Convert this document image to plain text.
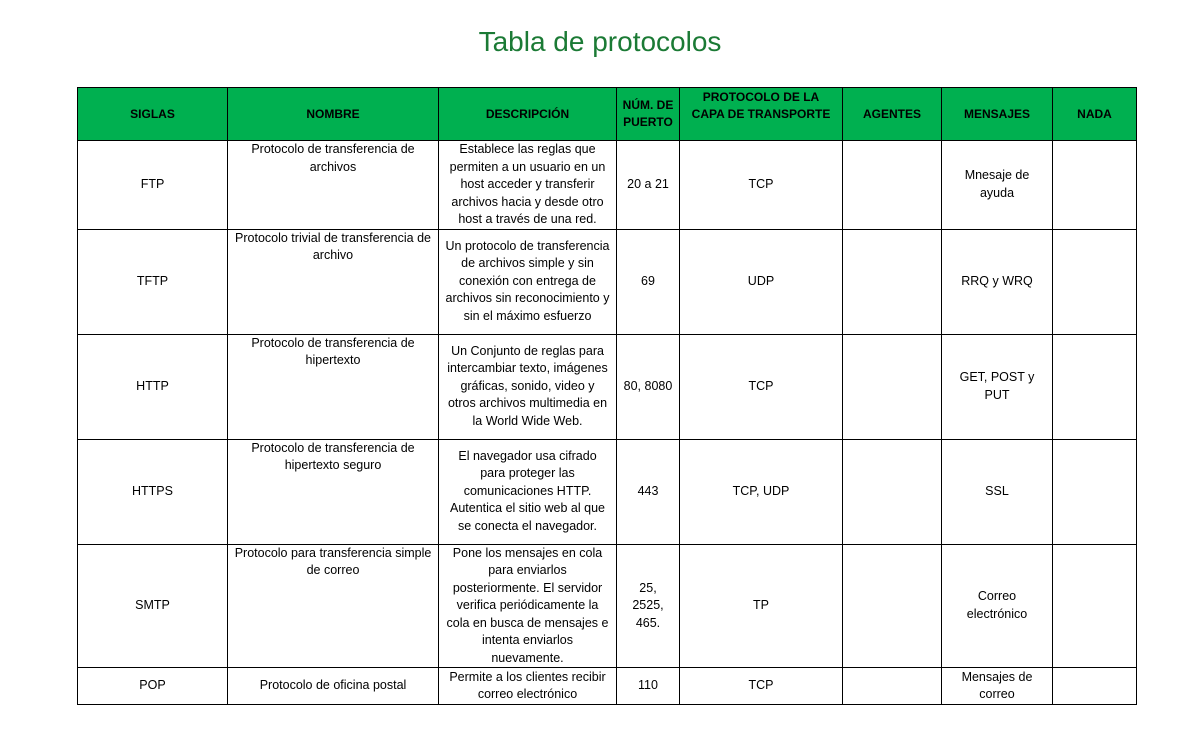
Tabla de protocolos
SIGLAS	NOMBRE	DESCRIPCIÓN	NÚM. DE PUERTO	PROTOCOLO DE LA CAPA DE TRANSPORTE	AGENTES	MENSAJES	NADA
FTP	Protocolo de transferencia de archivos	Establece las reglas que permiten a un usuario en un host acceder y transferir archivos hacia y desde otro host a través de una red.	20 a 21	TCP		Mnesaje de ayuda	
TFTP	Protocolo trivial de transferencia de archivo	Un protocolo de transferencia de archivos simple y sin conexión con entrega de archivos sin reconocimiento y sin el máximo esfuerzo	69	UDP		RRQ y WRQ	
HTTP	Protocolo de transferencia de hipertexto	Un Conjunto de reglas para intercambiar texto, imágenes gráficas, sonido, video y otros archivos multimedia en la World Wide Web.	80, 8080	TCP		GET, POST y PUT	
HTTPS	Protocolo de transferencia de hipertexto seguro	El navegador usa cifrado para proteger las comunicaciones HTTP. Autentica el sitio web al que se conecta el navegador.	443	TCP, UDP		SSL	
SMTP	Protocolo para transferencia simple de correo	Pone los mensajes en cola para enviarlos posteriormente. El servidor verifica periódicamente la cola en busca de mensajes e intenta enviarlos nuevamente.	25, 2525, 465.	TP		Correo electrónico	
POP	Protocolo de oficina postal	Permite a los clientes recibir correo electrónico	110	TCP		Mensajes de correo	
